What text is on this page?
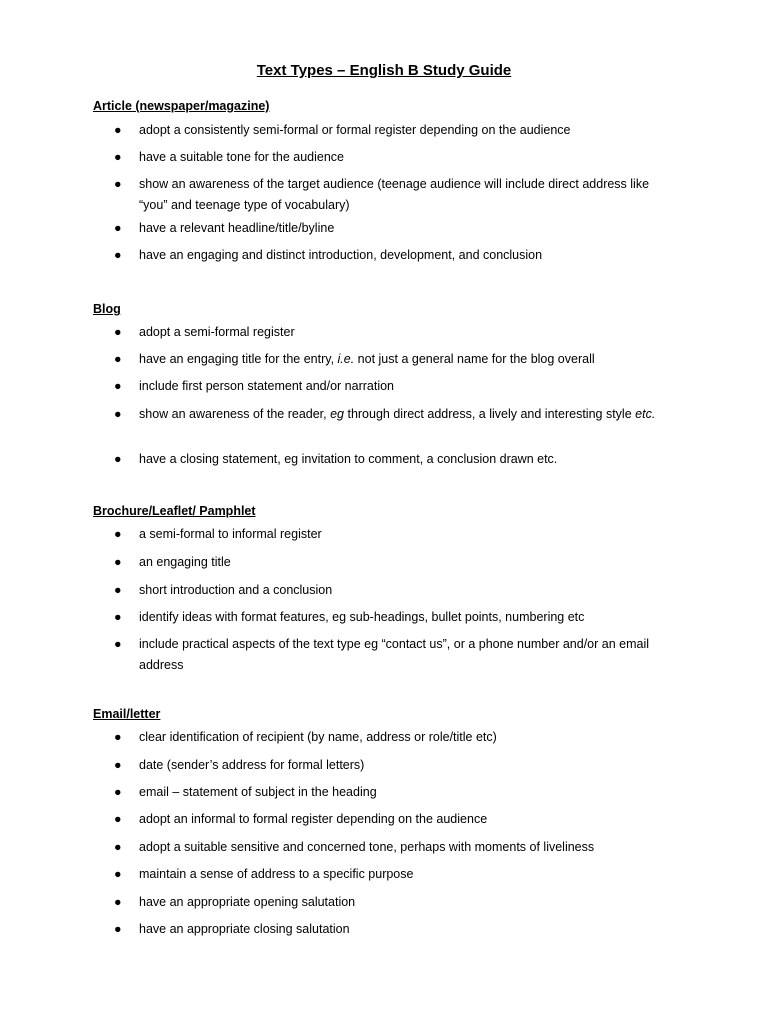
Text Types – English B Study Guide
Article (newspaper/magazine)
●	adopt a consistently semi-formal or formal register depending on the audience
●	have a suitable tone for the audience
●	show an awareness of the target audience (teenage audience will include direct address like “you” and teenage type of vocabulary)
●	have a relevant headline/title/byline
●	have an engaging and distinct introduction, development, and conclusion
Blog
●	adopt a semi-formal register
●	have an engaging title for the entry, i.e. not just a general name for the blog overall
●	include first person statement and/or narration
●	show an awareness of the reader, eg through direct address, a lively and interesting style etc.
●	have a closing statement, eg invitation to comment, a conclusion drawn etc.
Brochure/Leaflet/ Pamphlet
●	a semi-formal to informal register
●	an engaging title
●	short introduction and a conclusion
●	identify ideas with format features, eg sub-headings, bullet points, numbering etc
●	include practical aspects of the text type eg “contact us”, or a phone number and/or an email address
Email/letter
●	clear identification of recipient (by name, address or role/title etc)
●	date (sender’s address for formal letters)
●	email – statement of subject in the heading
●	adopt an informal to formal register depending on the audience
●	adopt a suitable sensitive and concerned tone, perhaps with moments of liveliness
●	maintain a sense of address to a specific purpose
●	have an appropriate opening salutation
●	have an appropriate closing salutation
